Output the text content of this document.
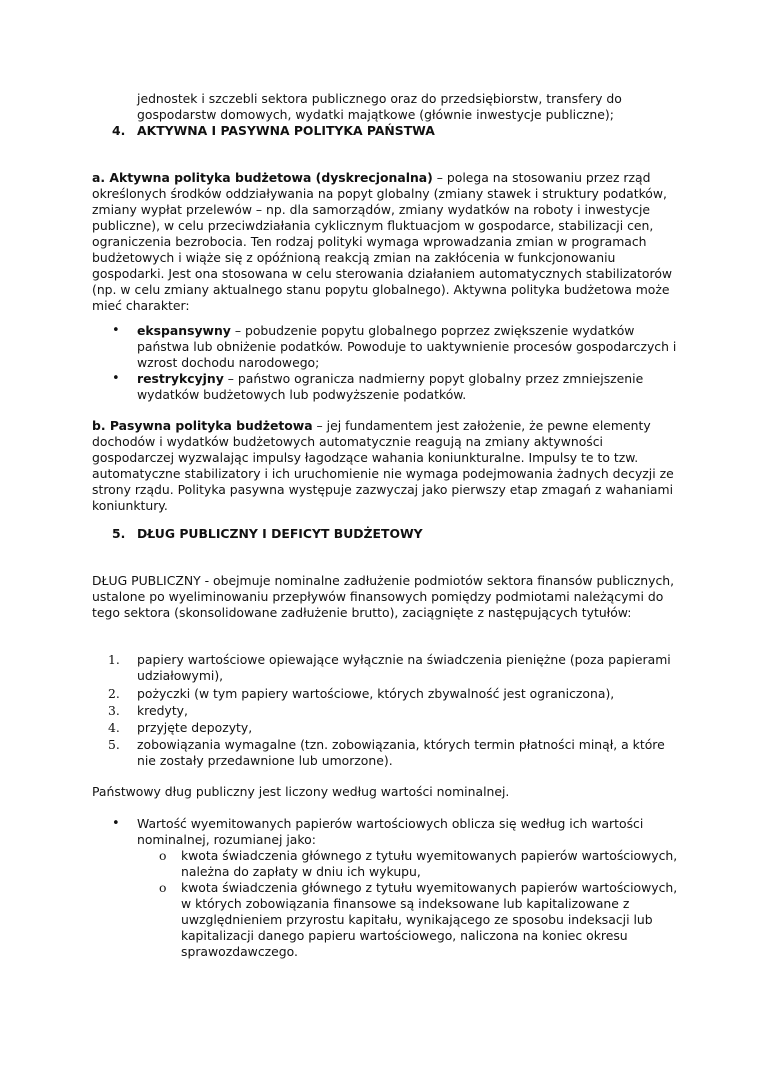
jednostek i szczebli sektora publicznego oraz do przedsiębiorstw, transfery do gospodarstw domowych, wydatki majątkowe (głównie inwestycje publiczne);

4. AKTYWNA I PASYWNA POLITYKA PAŃSTWA

a. Aktywna polityka budżetowa (dyskrecjonalna) – polega na stosowaniu przez rząd określonych środków oddziaływania na popyt globalny (zmiany stawek i struktury podatków, zmiany wypłat przelewów – np. dla samorządów, zmiany wydatków na roboty i inwestycje publiczne), w celu przeciwdziałania cyklicznym fluktuacjom w gospodarce, stabilizacji cen, ograniczenia bezrobocia. Ten rodzaj polityki wymaga wprowadzania zmian w programach budżetowych i wiąże się z opóźnioną reakcją zmian na zakłócenia w funkcjonowaniu gospodarki. Jest ona stosowana w celu sterowania działaniem automatycznych stabilizatorów (np. w celu zmiany aktualnego stanu popytu globalnego). Aktywna polityka budżetowa może mieć charakter:

• ekspansywny – pobudzenie popytu globalnego poprzez zwiększenie wydatków państwa lub obniżenie podatków. Powoduje to uaktywnienie procesów gospodarczych i wzrost dochodu narodowego;
• restrykcyjny – państwo ogranicza nadmierny popyt globalny przez zmniejszenie wydatków budżetowych lub podwyższenie podatków.

b. Pasywna polityka budżetowa – jej fundamentem jest założenie, że pewne elementy dochodów i wydatków budżetowych automatycznie reagują na zmiany aktywności gospodarczej wyzwalając impulsy łagodzące wahania koniunkturalne. Impulsy te to tzw. automatyczne stabilizatory i ich uruchomienie nie wymaga podejmowania żadnych decyzji ze strony rządu. Polityka pasywna występuje zazwyczaj jako pierwszy etap zmagań z wahaniami koniunktury.

5. DŁUG PUBLICZNY I DEFICYT BUDŻETOWY

DŁUG PUBLICZNY - obejmuje nominalne zadłużenie podmiotów sektora finansów publicznych, ustalone po wyeliminowaniu przepływów finansowych pomiędzy podmiotami należącymi do tego sektora (skonsolidowane zadłużenie brutto), zaciągnięte z następujących tytułów:

1. papiery wartościowe opiewające wyłącznie na świadczenia pieniężne (poza papierami udziałowymi),
2. pożyczki (w tym papiery wartościowe, których zbywalność jest ograniczona),
3. kredyty,
4. przyjęte depozyty,
5. zobowiązania wymagalne (tzn. zobowiązania, których termin płatności minął, a które nie zostały przedawnione lub umorzone).

Państwowy dług publiczny jest liczony według wartości nominalnej.

• Wartość wyemitowanych papierów wartościowych oblicza się według ich wartości nominalnej, rozumianej jako:
o kwota świadczenia głównego z tytułu wyemitowanych papierów wartościowych, należna do zapłaty w dniu ich wykupu,
o kwota świadczenia głównego z tytułu wyemitowanych papierów wartościowych, w których zobowiązania finansowe są indeksowane lub kapitalizowane z uwzględnieniem przyrostu kapitału, wynikającego ze sposobu indeksacji lub kapitalizacji danego papieru wartościowego, naliczona na koniec okresu sprawozdawczego.
